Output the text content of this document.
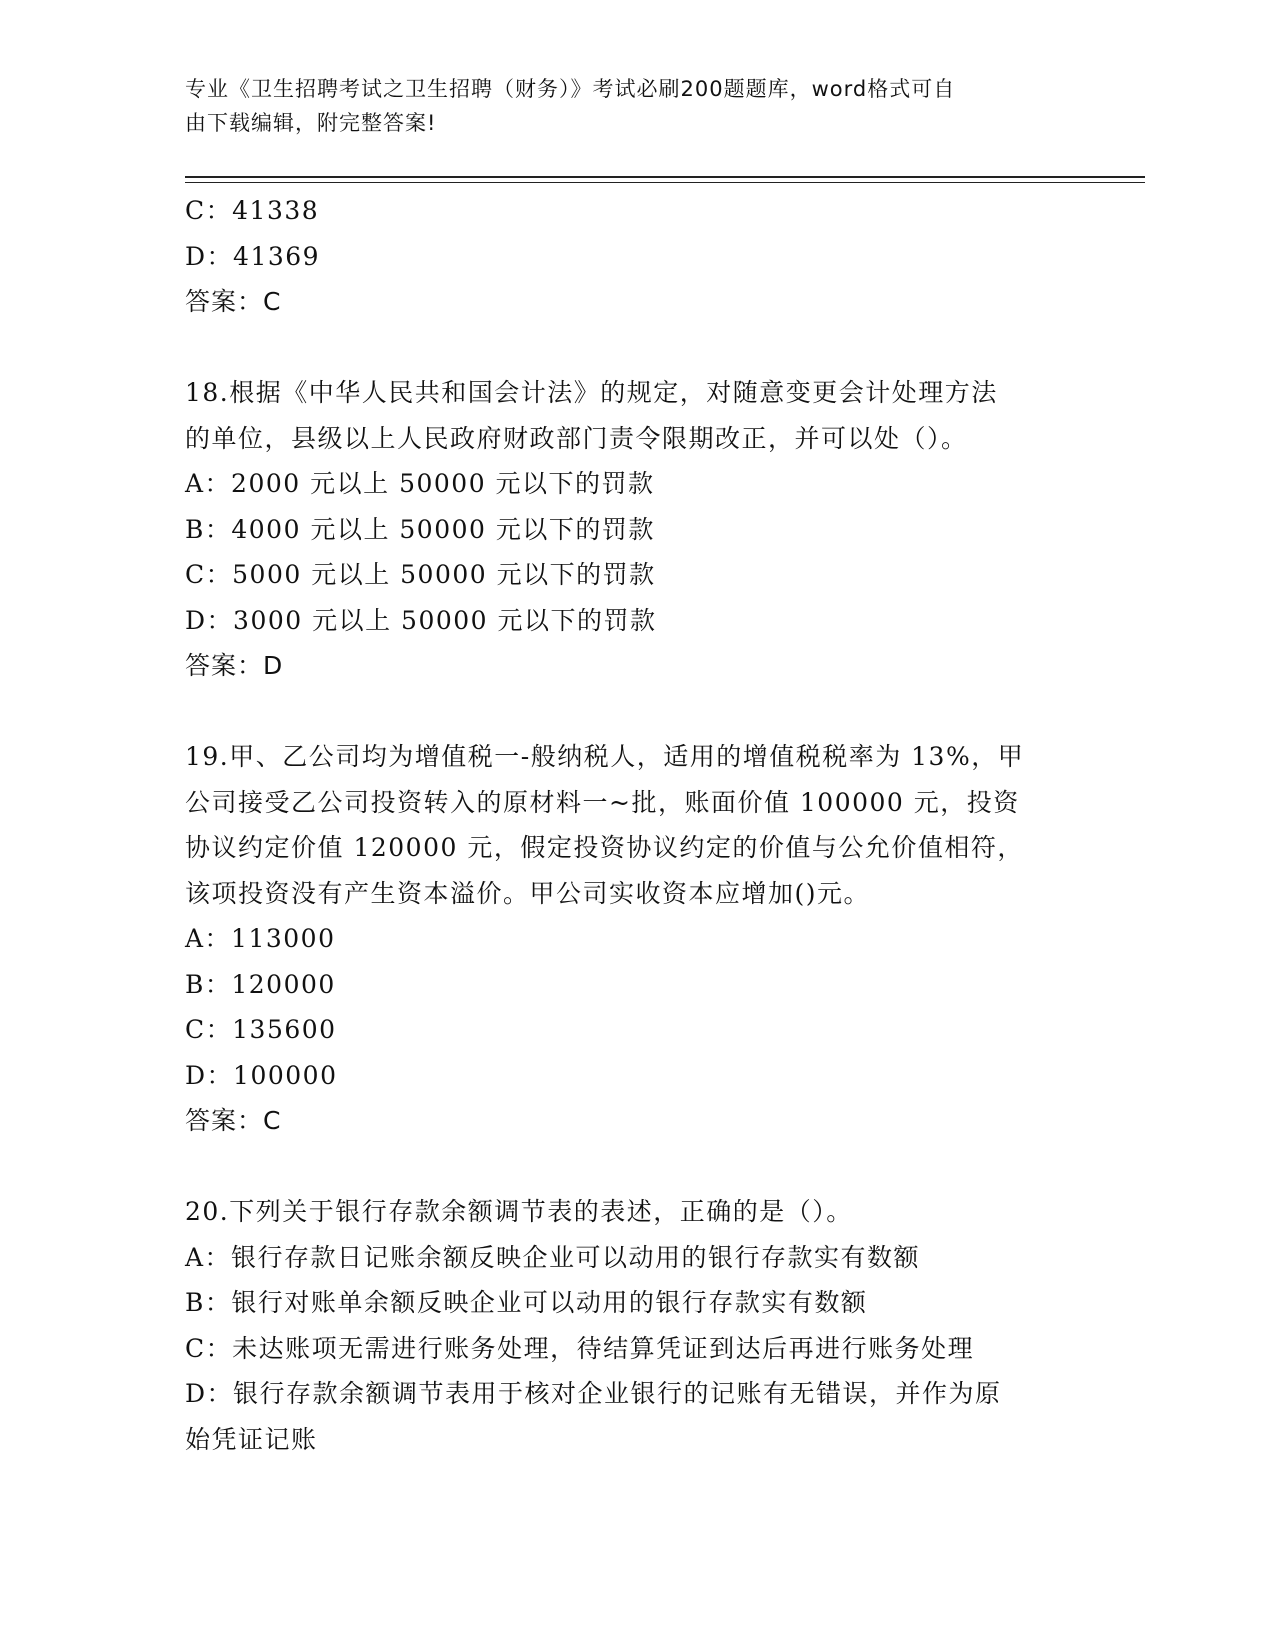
专业《卫生招聘考试之卫生招聘（财务）》考试必刷200题题库，word格式可自
由下载编辑，附完整答案!
C：41338
D：41369
答案：C
18.根据《中华人民共和国会计法》的规定，对随意变更会计处理方法
的单位，县级以上人民政府财政部门责令限期改正，并可以处（）。
A：2000 元以上 50000 元以下的罚款
B：4000 元以上 50000 元以下的罚款
C：5000 元以上 50000 元以下的罚款
D：3000 元以上 50000 元以下的罚款
答案：D
19.甲、乙公司均为增值税一-般纳税人，适用的增值税税率为 13%，甲
公司接受乙公司投资转入的原材料一~批，账面价值 100000 元，投资
协议约定价值 120000 元，假定投资协议约定的价值与公允价值相符，
该项投资没有产生资本溢价。甲公司实收资本应增加()元。
A：113000
B：120000
C：135600
D：100000
答案：C
20.下列关于银行存款余额调节表的表述，正确的是（）。
A：银行存款日记账余额反映企业可以动用的银行存款实有数额
B：银行对账单余额反映企业可以动用的银行存款实有数额
C：未达账项无需进行账务处理，待结算凭证到达后再进行账务处理
D：银行存款余额调节表用于核对企业银行的记账有无错误，并作为原
始凭证记账
